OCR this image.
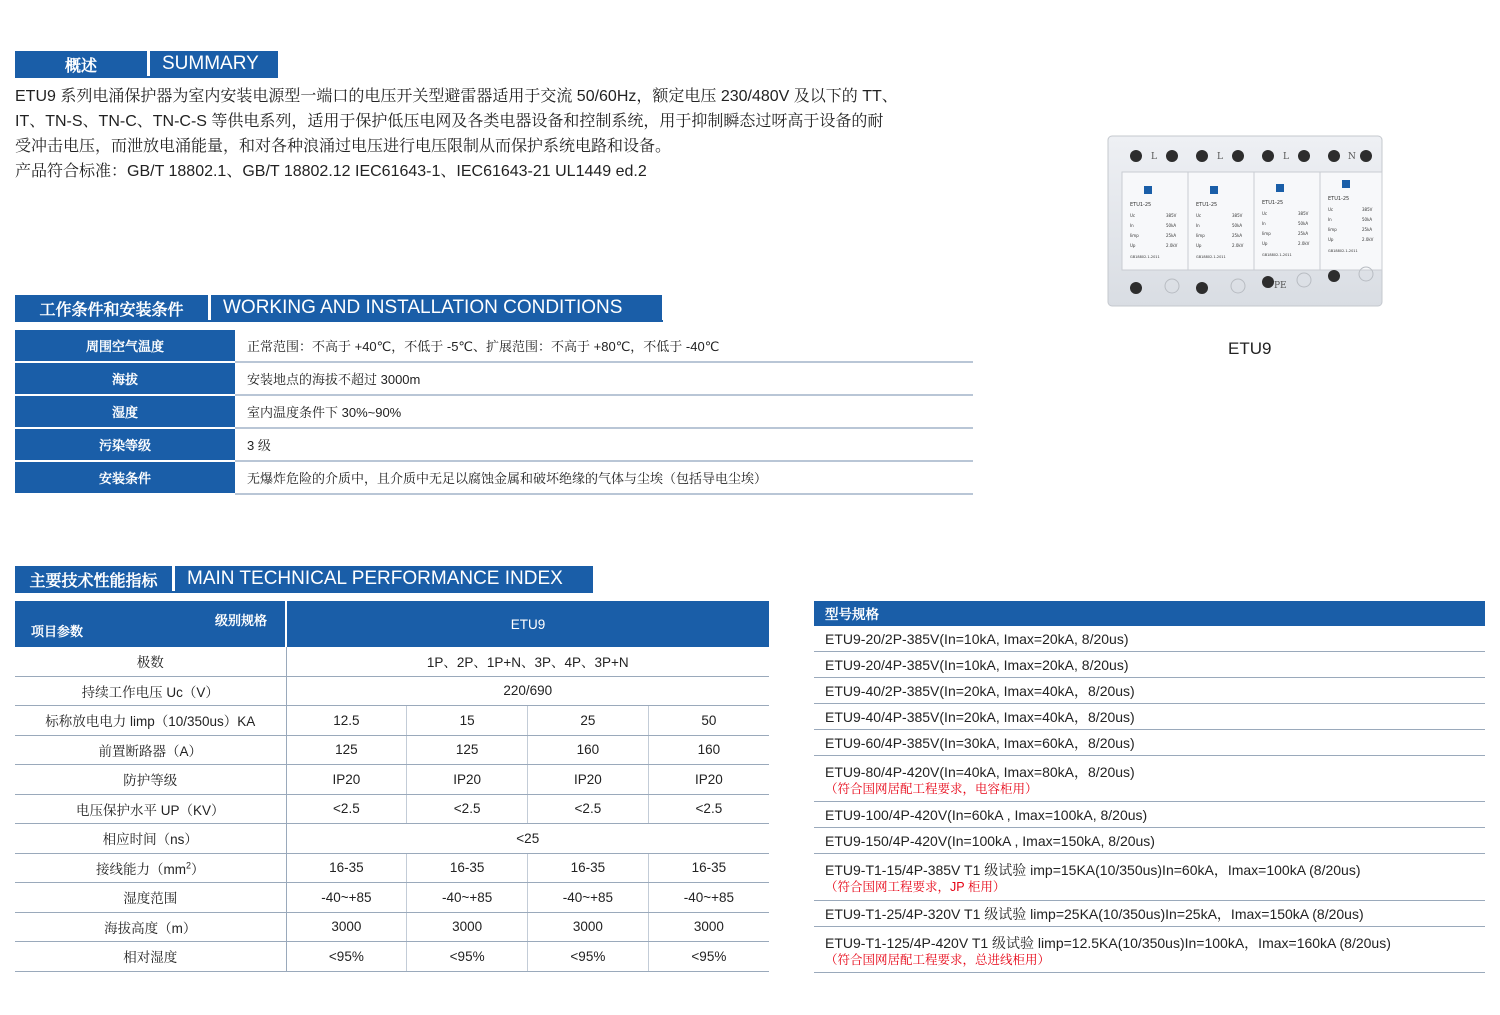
概述	SUMMARY

ETU9 系列电涌保护器为室内安装电源型一端口的电压开关型避雷器适用于交流 50/60Hz，额定电压 230/480V 及以下的 TT、

IT、TN-S、TN-C、TN-C-S 等供电系列，适用于保护低压电网及各类电器设备和控制系统，用于抑制瞬态过呀高于设备的耐

受冲击电压，而泄放电涌能量，和对各种浪涌过电压进行电压限制从而保护系统电路和设备。

产品符合标准：GB/T 18802.1、GB/T 18802.12 IEC61643-1、IEC61643-21 UL1449 ed.2

L	L	L	N
PE
ETU1-25
Uc
In
Iimp
Up
385V
50kA
25kA
2.0kV
GB18802.1-2011
ETU1-25
Uc
In
Iimp
Up
385V
50kA
25kA
2.0kV
GB18802.1-2011
ETU1-25
Uc
In
Iimp
Up
385V
50kA
25kA
2.0kV
GB18802.1-2011
ETU1-25
Uc
In
Iimp
Up
385V
50kA
25kA
2.0kV
GB18802.1-2011
ETU9
工作条件和安装条件	WORKING AND INSTALLATION CONDITIONS
周围空气温度	正常范围：不高于 +40℃，不低于 -5℃、扩展范围：不高于 +80℃，不低于 -40℃
海拔	安装地点的海拔不超过 3000m
湿度	室内温度条件下 30%~90%
污染等级	3 级
安装条件	无爆炸危险的介质中，且介质中无足以腐蚀金属和破坏绝缘的气体与尘埃（包括导电尘埃）
主要技术性能指标	MAIN TECHNICAL PERFORMANCE INDEX
级别规格
项目参数	ETU9			
极数	1P、2P、1P+N、3P、4P、3P+N			
持续工作电压 Uc（V）	220/690			
标称放电电力 limp（10/350us）KA	12.5	15	25	50
前置断路器（A）	125	125	160	160
防护等级	IP20	IP20	IP20	IP20
电压保护水平 UP（KV）	<2.5	<2.5	<2.5	<2.5
相应时间（ns）	<25			
接线能力$(mm^2)$	16-35	16-35	16-35	16-35
湿度范围	-40~+85	-40~+85	-40~+85	-40~+85
海拔高度（m）	3000	3000	3000	3000
相对湿度	<95%	<95%	<95%	<95%
型号规格
ETU9-20/2P-385V(In=10kA, Imax=20kA, 8/20us)
ETU9-20/4P-385V(In=10kA, Imax=20kA, 8/20us)
ETU9-40/2P-385V(In=20kA, Imax=40kA，8/20us)
ETU9-40/4P-385V(In=20kA, Imax=40kA，8/20us)
ETU9-60/4P-385V(In=30kA, Imax=60kA，8/20us)
ETU9-80/4P-420V(In=40kA, Imax=80kA，8/20us)
（符合国网居配工程要求，电容柜用）
ETU9-100/4P-420V(In=60kA , Imax=100kA, 8/20us)
ETU9-150/4P-420V(In=100kA , Imax=150kA, 8/20us)
ETU9-T1-15/4P-385V T1 级试验 imp=15KA(10/350us)In=60kA，Imax=100kA (8/20us)
（符合国网工程要求，JP 柜用）
ETU9-T1-25/4P-320V T1 级试验 limp=25KA(10/350us)In=25kA，Imax=150kA (8/20us)
ETU9-T1-125/4P-420V T1 级试验 limp=12.5KA(10/350us)In=100kA，Imax=160kA (8/20us)
（符合国网居配工程要求，总进线柜用）
